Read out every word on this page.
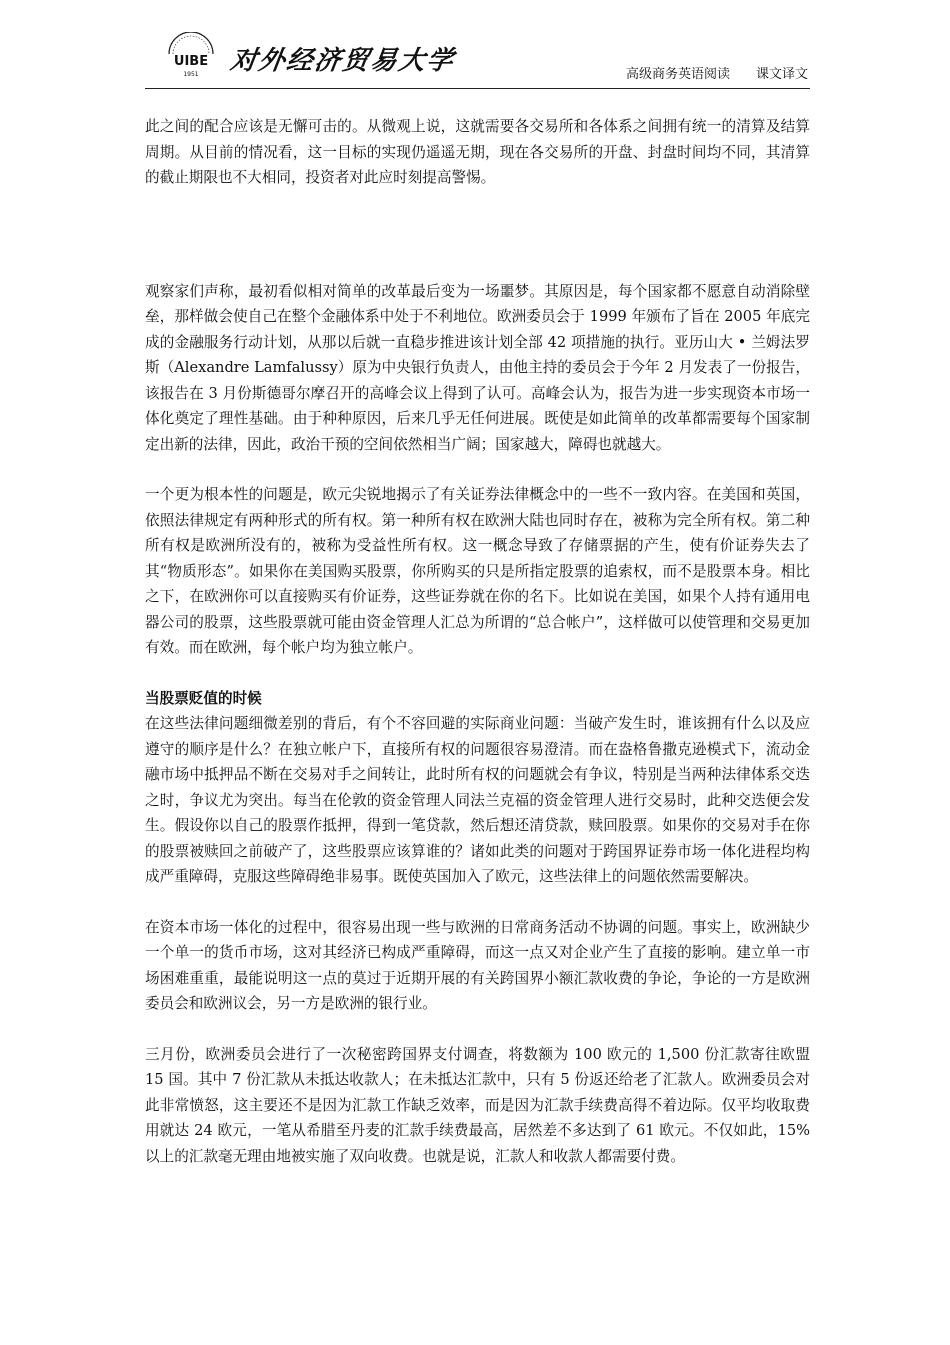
UIBE
1951 对外经济贸易大学	高级商务英语阅读 课文译文

此之间的配合应该是无懈可击的。从微观上说，这就需要各交易所和各体系之间拥有统一的清算及结算周期。从目前的情况看，这一目标的实现仍遥遥无期，现在各交易所的开盘、封盘时间均不同，其清算的截止期限也不大相同，投资者对此应时刻提高警惕。

观察家们声称，最初看似相对简单的改革最后变为一场噩梦。其原因是，每个国家都不愿意自动消除壁垒，那样做会使自己在整个金融体系中处于不利地位。欧洲委员会于 1999 年颁布了旨在 2005 年底完成的金融服务行动计划，从那以后就一直稳步推进该计划全部 42 项措施的执行。亚历山大 • 兰姆法罗斯（Alexandre Lamfalussy）原为中央银行负责人，由他主持的委员会于今年 2 月发表了一份报告，该报告在 3 月份斯德哥尔摩召开的高峰会议上得到了认可。高峰会认为，报告为进一步实现资本市场一体化奠定了理性基础。由于种种原因，后来几乎无任何进展。既使是如此简单的改革都需要每个国家制定出新的法律，因此，政治干预的空间依然相当广阔；国家越大，障碍也就越大。

一个更为根本性的问题是，欧元尖锐地揭示了有关证券法律概念中的一些不一致内容。在美国和英国，依照法律规定有两种形式的所有权。第一种所有权在欧洲大陆也同时存在，被称为完全所有权。第二种所有权是欧洲所没有的，被称为受益性所有权。这一概念导致了存储票据的产生，使有价证券失去了其“物质形态”。如果你在美国购买股票，你所购买的只是所指定股票的追索权，而不是股票本身。相比之下，在欧洲你可以直接购买有价证券，这些证券就在你的名下。比如说在美国，如果个人持有通用电器公司的股票，这些股票就可能由资金管理人汇总为所谓的“总合帐户”，这样做可以使管理和交易更加有效。而在欧洲，每个帐户均为独立帐户。

当股票贬值的时候

在这些法律问题细微差别的背后，有个不容回避的实际商业问题：当破产发生时，谁该拥有什么以及应遵守的顺序是什么？在独立帐户下，直接所有权的问题很容易澄清。而在盎格鲁撒克逊模式下，流动金融市场中抵押品不断在交易对手之间转让，此时所有权的问题就会有争议，特别是当两种法律体系交迭之时，争议尤为突出。每当在伦敦的资金管理人同法兰克福的资金管理人进行交易时，此种交迭便会发生。假设你以自己的股票作抵押，得到一笔贷款，然后想还清贷款，赎回股票。如果你的交易对手在你的股票被赎回之前破产了，这些股票应该算谁的？诸如此类的问题对于跨国界证券市场一体化进程均构成严重障碍，克服这些障碍绝非易事。既使英国加入了欧元，这些法律上的问题依然需要解决。

在资本市场一体化的过程中，很容易出现一些与欧洲的日常商务活动不协调的问题。事实上，欧洲缺少一个单一的货币市场，这对其经济已构成严重障碍，而这一点又对企业产生了直接的影响。建立单一市场困难重重，最能说明这一点的莫过于近期开展的有关跨国界小额汇款收费的争论，争论的一方是欧洲委员会和欧洲议会，另一方是欧洲的银行业。

三月份，欧洲委员会进行了一次秘密跨国界支付调查，将数额为 100 欧元的 1,500 份汇款寄往欧盟 15 国。其中 7 份汇款从未抵达收款人；在未抵达汇款中，只有 5 份返还给老了汇款人。欧洲委员会对此非常愤怒，这主要还不是因为汇款工作缺乏效率，而是因为汇款手续费高得不着边际。仅平均收取费用就达 24 欧元，一笔从希腊至丹麦的汇款手续费最高，居然差不多达到了 61 欧元。不仅如此，15%以上的汇款毫无理由地被实施了双向收费。也就是说，汇款人和收款人都需要付费。
